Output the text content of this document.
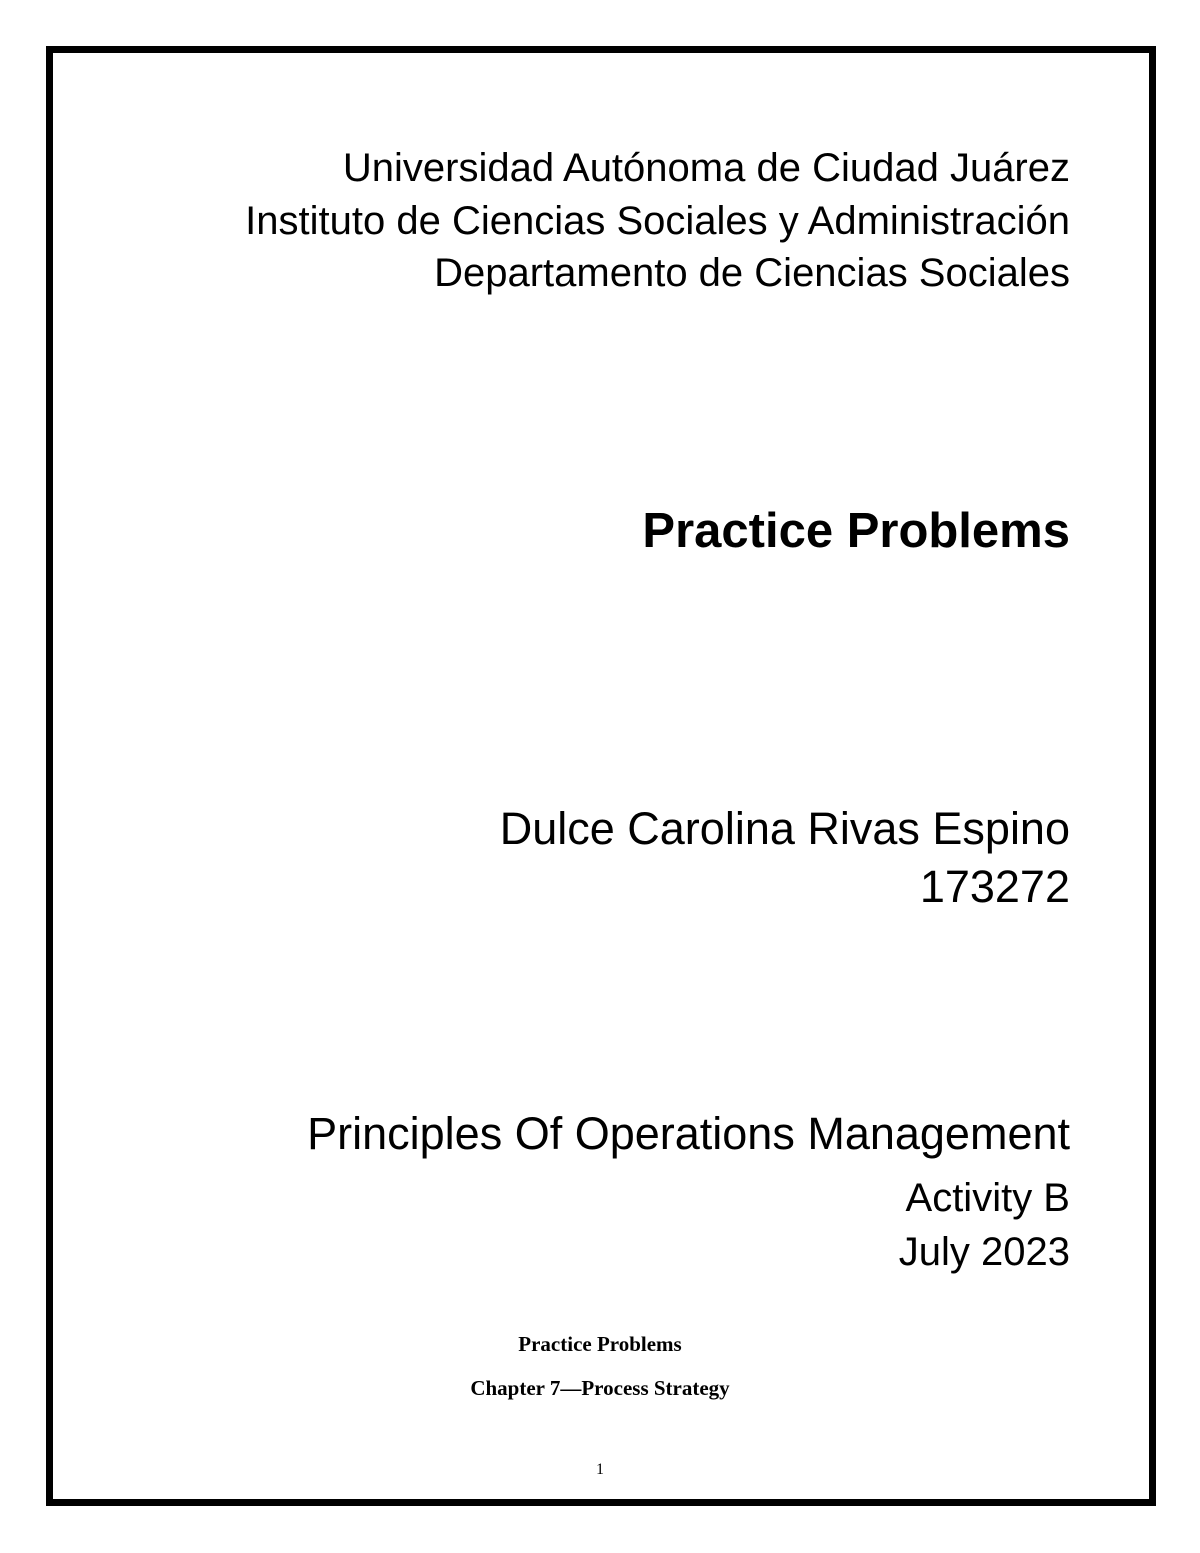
Universidad Autónoma de Ciudad Juárez
Instituto de Ciencias Sociales y Administración
Departamento de Ciencias Sociales
Practice Problems
Dulce Carolina Rivas Espino
173272
Principles Of Operations Management
Activity B
July 2023
Practice Problems
Chapter 7—Process Strategy
1
